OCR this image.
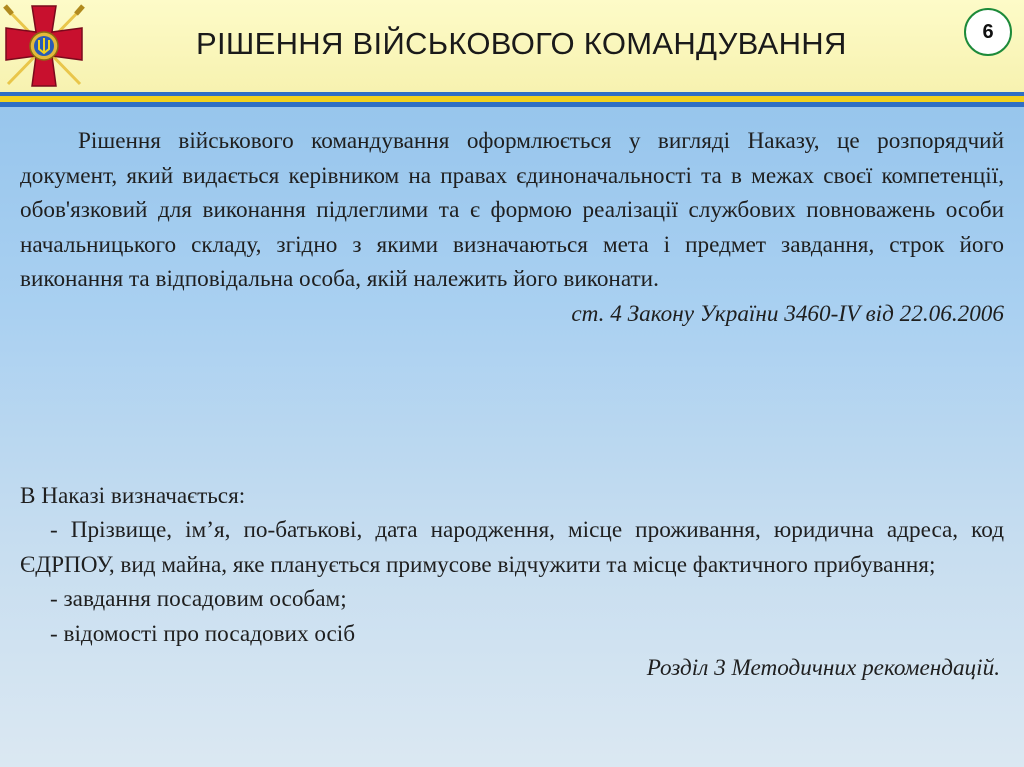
РІШЕННЯ ВІЙСЬКОВОГО КОМАНДУВАННЯ	6

Рішення військового командування оформлюється у вигляді Наказу, це розпорядчий документ, який видається керівником на правах єдиноначальності та в межах своєї компетенції, обов'язковий для виконання підлеглими та є формою реалізації службових повноважень особи начальницького складу, згідно з якими визначаються мета і предмет завдання, строк його виконання та відповідальна особа, якій належить його виконати.

ст. 4 Закону України 3460-IV від 22.06.2006

В Наказі визначається:

- Прізвище, ім’я, по-батькові, дата народження, місце проживання, юридична адреса, код ЄДРПОУ, вид майна, яке планується примусове відчужити та місце фактичного прибування;

- завдання посадовим особам;

- відомості про посадових осіб

Розділ 3 Методичних рекомендацій.
